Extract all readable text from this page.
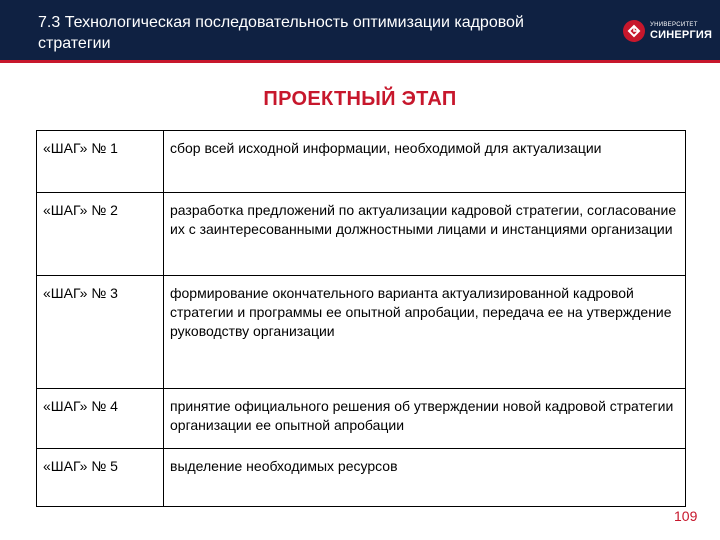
7.3 Технологическая последовательность оптимизации кадровой стратегии
УНИВЕРСИТЕТ
СИНЕРГИЯ
ПРОЕКТНЫЙ ЭТАП
«ШАГ» № 1	сбор всей исходной информации, необходимой для актуализации
«ШАГ» № 2	разработка предложений по актуализации кадровой стратегии, согласование их с заинтересованными должностными лицами и инстанциями организации
«ШАГ» № 3	формирование окончательного варианта актуализированной кадровой стратегии и программы ее опытной апробации, передача ее на утверждение руководству организации
«ШАГ» № 4	принятие официального решения об утверждении новой кадровой стратегии организации ее опытной апробации
«ШАГ» № 5	выделение необходимых ресурсов
109
